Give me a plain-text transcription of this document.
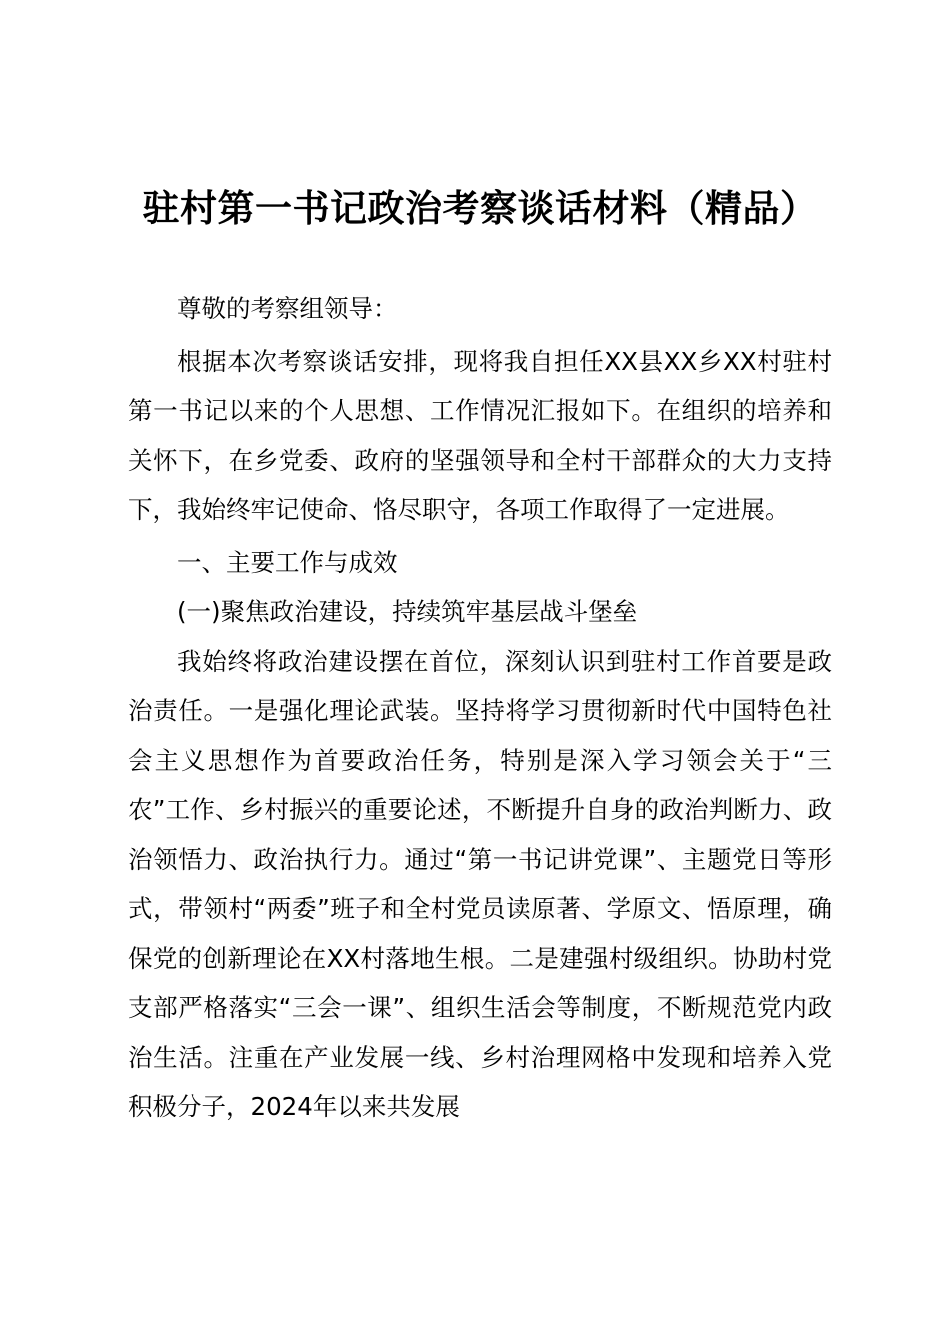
驻村第一书记政治考察谈话材料（精品）

尊敬的考察组领导：

根据本次考察谈话安排，现将我自担任XX县XX乡XX村驻村第一书记以来的个人思想、工作情况汇报如下。在组织的培养和关怀下，在乡党委、政府的坚强领导和全村干部群众的大力支持下，我始终牢记使命、恪尽职守，各项工作取得了一定进展。

一、主要工作与成效

(一)聚焦政治建设，持续筑牢基层战斗堡垒

我始终将政治建设摆在首位，深刻认识到驻村工作首要是政治责任。一是强化理论武装。坚持将学习贯彻新时代中国特色社会主义思想作为首要政治任务，特别是深入学习领会关于“三农”工作、乡村振兴的重要论述，不断提升自身的政治判断力、政治领悟力、政治执行力。通过“第一书记讲党课”、主题党日等形式，带领村“两委”班子和全村党员读原著、学原文、悟原理，确保党的创新理论在XX村落地生根。二是建强村级组织。协助村党支部严格落实“三会一课”、组织生活会等制度，不断规范党内政治生活。注重在产业发展一线、乡村治理网格中发现和培养入党积极分子，2024年以来共发展
